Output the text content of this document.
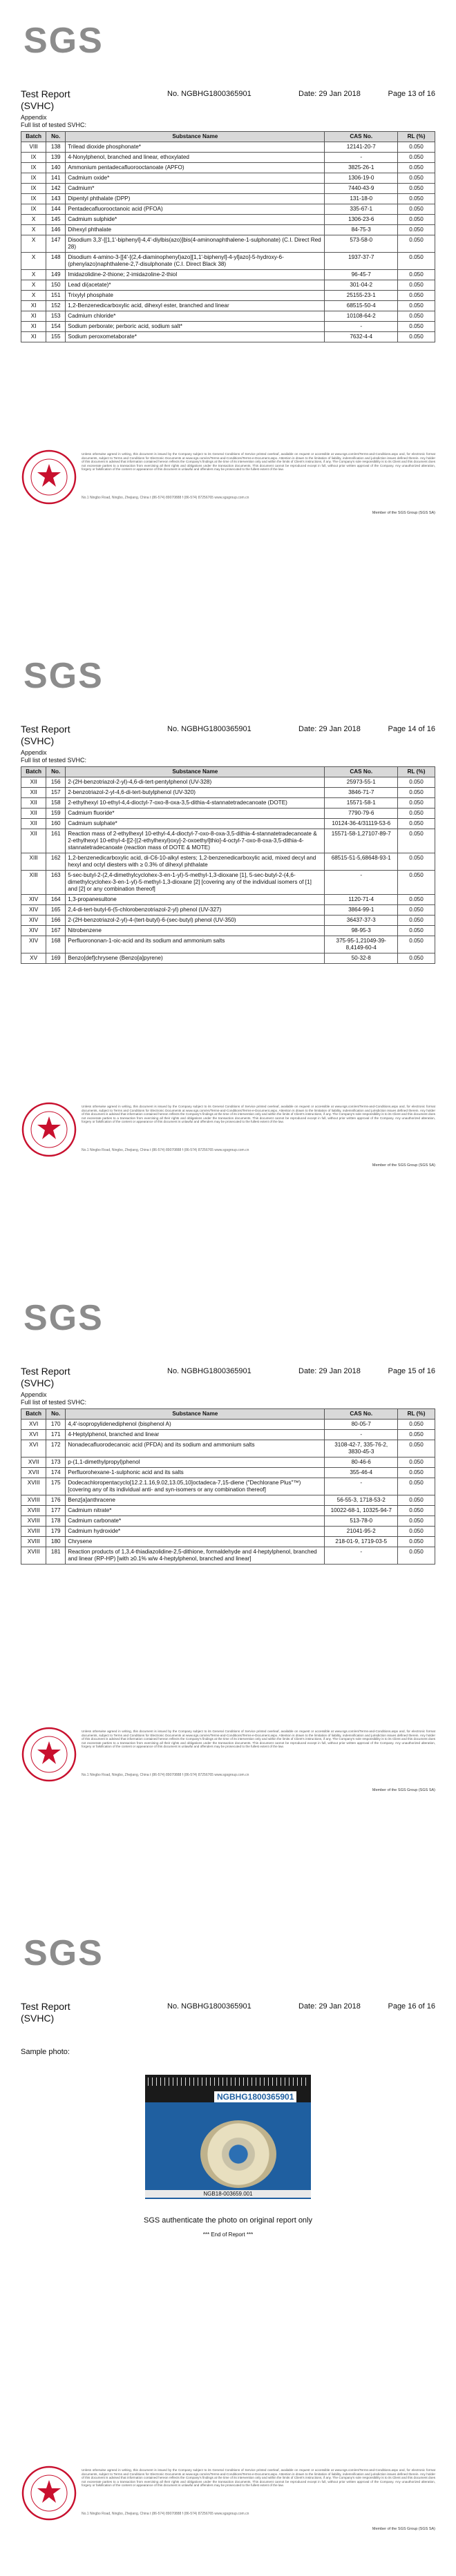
SGS
Test Report
(SVHC)
No. NGBHG1800365901	Date: 29 Jan 2018	Page 13 of 16
Appendix
Full list of tested SVHC:
Batch	No.	Substance Name	CAS No.	RL (%)
VIII	138	Trilead dioxide phosphonate*	12141-20-7	0.050
IX	139	4-Nonylphenol, branched and linear, ethoxylated	-	0.050
IX	140	Ammonium pentadecafluorooctanoate (APFO)	3825-26-1	0.050
IX	141	Cadmium oxide*	1306-19-0	0.050
IX	142	Cadmium*	7440-43-9	0.050
IX	143	Dipentyl phthalate (DPP)	131-18-0	0.050
IX	144	Pentadecafluorooctanoic acid (PFOA)	335-67-1	0.050
X	145	Cadmium sulphide*	1306-23-6	0.050
X	146	Dihexyl phthalate	84-75-3	0.050
X	147	Disodium 3,3'-[[1,1'-biphenyl]-4,4'-diylbis(azo)]bis(4-aminonaphthalene-1-sulphonate) (C.I. Direct Red 28)	573-58-0	0.050
X	148	Disodium 4-amino-3-[[4'-[(2,4-diaminophenyl)azo][1,1'-biphenyl]-4-yl]azo]-5-hydroxy-6-(phenylazo)naphthalene-2,7-disulphonate (C.I. Direct Black 38)	1937-37-7	0.050
X	149	Imidazolidine-2-thione; 2-imidazoline-2-thiol	96-45-7	0.050
X	150	Lead di(acetate)*	301-04-2	0.050
X	151	Trixylyl phosphate	25155-23-1	0.050
XI	152	1,2-Benzenedicarboxylic acid, dihexyl ester, branched and linear	68515-50-4	0.050
XI	153	Cadmium chloride*	10108-64-2	0.050
XI	154	Sodium perborate; perboric acid, sodium salt*	-	0.050
XI	155	Sodium peroxometaborate*	7632-4-4	0.050
Unless otherwise agreed in writing, this document is issued by the Company subject to its General Conditions of Service printed overleaf, available on request or accessible at www.sgs.com/en/Terms-and-Conditions.aspx and, for electronic format documents, subject to Terms and Conditions for Electronic Documents at www.sgs.com/en/Terms-and-Conditions/Terms-e-Document.aspx. Attention is drawn to the limitation of liability, indemnification and jurisdiction issues defined therein. Any holder of this document is advised that information contained hereon reflects the Company's findings at the time of its intervention only and within the limits of Client's instructions, if any. The Company's sole responsibility is to its Client and this document does not exonerate parties to a transaction from exercising all their rights and obligations under the transaction documents. This document cannot be reproduced except in full, without prior written approval of the Company. Any unauthorized alteration, forgery or falsification of the content or appearance of this document is unlawful and offenders may be prosecuted to the fullest extent of the law.
No.1 Ningbo Road, Ningbo, Zhejiang, China t (86-574) 89070888 f (86-574) 87256765 www.sgsgroup.com.cn
Member of the SGS Group (SGS SA)
SGS
Test Report
(SVHC)
No. NGBHG1800365901	Date: 29 Jan 2018	Page 14 of 16
Appendix
Full list of tested SVHC:
Batch	No.	Substance Name	CAS No.	RL (%)
XII	156	2-(2H-benzotriazol-2-yl)-4,6-di-tert-pentylphenol (UV-328)	25973-55-1	0.050
XII	157	2-benzotriazol-2-yl-4,6-di-tert-butylphenol (UV-320)	3846-71-7	0.050
XII	158	2-ethylhexyl 10-ethyl-4,4-dioctyl-7-oxo-8-oxa-3,5-dithia-4-stannatetradecanoate (DOTE)	15571-58-1	0.050
XII	159	Cadmium fluoride*	7790-79-6	0.050
XII	160	Cadmium sulphate*	10124-36-4/31119-53-6	0.050
XII	161	Reaction mass of 2-ethylhexyl 10-ethyl-4,4-dioctyl-7-oxo-8-oxa-3,5-dithia-4-stannatetradecanoate & 2-ethylhexyl 10-ethyl-4-[[2-[(2-ethylhexyl)oxy]-2-oxoethyl]thio]-4-octyl-7-oxo-8-oxa-3,5-dithia-4-stannatetradecanoate (reaction mass of DOTE & MOTE)	15571-58-1,27107-89-7	0.050
XIII	162	1,2-benzenedicarboxylic acid, di-C6-10-alkyl esters; 1,2-benzenedicarboxylic acid, mixed decyl and hexyl and octyl diesters with ≥ 0.3% of dihexyl phthalate	68515-51-5,68648-93-1	0.050
XIII	163	5-sec-butyl-2-(2,4-dimethylcyclohex-3-en-1-yl)-5-methyl-1,3-dioxane [1], 5-sec-butyl-2-(4,6-dimethylcyclohex-3-en-1-yl)-5-methyl-1,3-dioxane [2] [covering any of the individual isomers of [1] and [2] or any combination thereof]	-	0.050
XIV	164	1,3-propanesultone	1120-71-4	0.050
XIV	165	2,4-di-tert-butyl-6-(5-chlorobenzotriazol-2-yl) phenol (UV-327)	3864-99-1	0.050
XIV	166	2-(2H-benzotriazol-2-yl)-4-(tert-butyl)-6-(sec-butyl) phenol (UV-350)	36437-37-3	0.050
XIV	167	Nitrobenzene	98-95-3	0.050
XIV	168	Perfluorononan-1-oic-acid and its sodium and ammonium salts	375-95-1,21049-39-8,4149-60-4	0.050
XV	169	Benzo[def]chrysene (Benzo[a]pyrene)	50-32-8	0.050
Unless otherwise agreed in writing, this document is issued by the Company subject to its General Conditions of Service printed overleaf, available on request or accessible at www.sgs.com/en/Terms-and-Conditions.aspx and, for electronic format documents, subject to Terms and Conditions for Electronic Documents at www.sgs.com/en/Terms-and-Conditions/Terms-e-Document.aspx. Attention is drawn to the limitation of liability, indemnification and jurisdiction issues defined therein. Any holder of this document is advised that information contained hereon reflects the Company's findings at the time of its intervention only and within the limits of Client's instructions, if any. The Company's sole responsibility is to its Client and this document does not exonerate parties to a transaction from exercising all their rights and obligations under the transaction documents. This document cannot be reproduced except in full, without prior written approval of the Company. Any unauthorized alteration, forgery or falsification of the content or appearance of this document is unlawful and offenders may be prosecuted to the fullest extent of the law.
No.1 Ningbo Road, Ningbo, Zhejiang, China t (86-574) 89070888 f (86-574) 87256765 www.sgsgroup.com.cn
Member of the SGS Group (SGS SA)
SGS
Test Report
(SVHC)
No. NGBHG1800365901	Date: 29 Jan 2018	Page 15 of 16
Appendix
Full list of tested SVHC:
Batch	No.	Substance Name	CAS No.	RL (%)
XVI	170	4,4'-isopropylidenediphenol (bisphenol A)	80-05-7	0.050
XVI	171	4-Heptylphenol, branched and linear	-	0.050
XVI	172	Nonadecafluorodecanoic acid (PFDA) and its sodium and ammonium salts	3108-42-7, 335-76-2, 3830-45-3	0.050
XVII	173	p-(1,1-dimethylpropyl)phenol	80-46-6	0.050
XVII	174	Perfluorohexane-1-sulphonic acid and its salts	355-46-4	0.050
XVIII	175	Dodecachloropentacyclo[12.2.1.16,9.02,13.05,10]octadeca-7,15-diene ("Dechlorane Plus"™) [covering any of its individual anti- and syn-isomers or any combination thereof]	-	0.050
XVIII	176	Benz[a]anthracene	56-55-3, 1718-53-2	0.050
XVIII	177	Cadmium nitrate*	10022-68-1, 10325-94-7	0.050
XVIII	178	Cadmium carbonate*	513-78-0	0.050
XVIII	179	Cadmium hydroxide*	21041-95-2	0.050
XVIII	180	Chrysene	218-01-9, 1719-03-5	0.050
XVIII	181	Reaction products of 1,3,4-thiadiazolidine-2,5-dithione, formaldehyde and 4-heptylphenol, branched and linear (RP-HP) [with ≥0.1% w/w 4-heptylphenol, branched and linear]	-	0.050
Unless otherwise agreed in writing, this document is issued by the Company subject to its General Conditions of Service printed overleaf, available on request or accessible at www.sgs.com/en/Terms-and-Conditions.aspx and, for electronic format documents, subject to Terms and Conditions for Electronic Documents at www.sgs.com/en/Terms-and-Conditions/Terms-e-Document.aspx. Attention is drawn to the limitation of liability, indemnification and jurisdiction issues defined therein. Any holder of this document is advised that information contained hereon reflects the Company's findings at the time of its intervention only and within the limits of Client's instructions, if any. The Company's sole responsibility is to its Client and this document does not exonerate parties to a transaction from exercising all their rights and obligations under the transaction documents. This document cannot be reproduced except in full, without prior written approval of the Company. Any unauthorized alteration, forgery or falsification of the content or appearance of this document is unlawful and offenders may be prosecuted to the fullest extent of the law.
No.1 Ningbo Road, Ningbo, Zhejiang, China t (86-574) 89070888 f (86-574) 87256765 www.sgsgroup.com.cn
Member of the SGS Group (SGS SA)
SGS
Test Report
(SVHC)
No. NGBHG1800365901	Date: 29 Jan 2018	Page 16 of 16
Sample photo:
NGBHG1800365901
NGB18-003659.001
SGS authenticate the photo on original report only
*** End of Report ***
Unless otherwise agreed in writing, this document is issued by the Company subject to its General Conditions of Service printed overleaf, available on request or accessible at www.sgs.com/en/Terms-and-Conditions.aspx and, for electronic format documents, subject to Terms and Conditions for Electronic Documents at www.sgs.com/en/Terms-and-Conditions/Terms-e-Document.aspx. Attention is drawn to the limitation of liability, indemnification and jurisdiction issues defined therein. Any holder of this document is advised that information contained hereon reflects the Company's findings at the time of its intervention only and within the limits of Client's instructions, if any. The Company's sole responsibility is to its Client and this document does not exonerate parties to a transaction from exercising all their rights and obligations under the transaction documents. This document cannot be reproduced except in full, without prior written approval of the Company. Any unauthorized alteration, forgery or falsification of the content or appearance of this document is unlawful and offenders may be prosecuted to the fullest extent of the law.
No.1 Ningbo Road, Ningbo, Zhejiang, China t (86-574) 89070888 f (86-574) 87256765 www.sgsgroup.com.cn
Member of the SGS Group (SGS SA)
